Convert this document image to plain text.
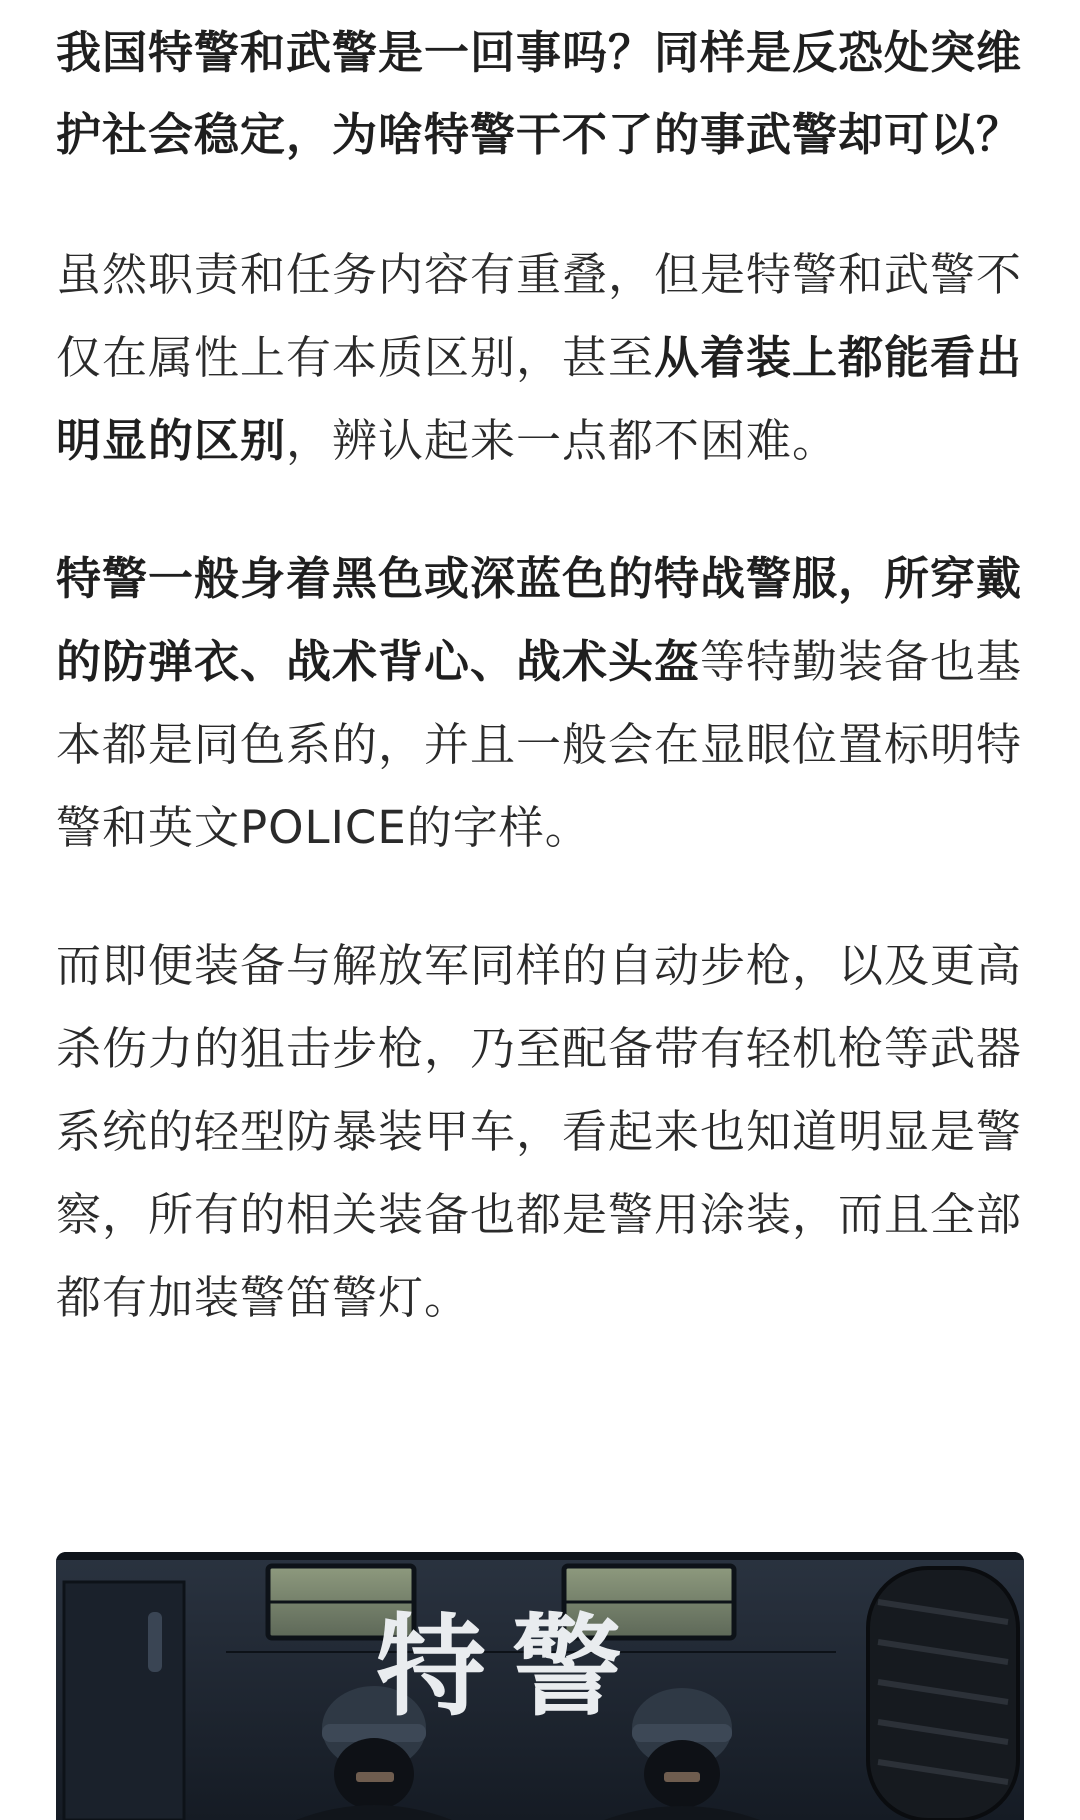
我国特警和武警是一回事吗？同样是反恐处突维护社会稳定，为啥特警干不了的事武警却可以？

虽然职责和任务内容有重叠，但是特警和武警不仅在属性上有本质区别，甚至从着装上都能看出明显的区别，辨认起来一点都不困难。

特警一般身着黑色或深蓝色的特战警服，所穿戴的防弹衣、战术背心、战术头盔等特勤装备也基本都是同色系的，并且一般会在显眼位置标明特警和英文POLICE的字样。

而即便装备与解放军同样的自动步枪，以及更高杀伤力的狙击步枪，乃至配备带有轻机枪等武器系统的轻型防暴装甲车，看起来也知道明显是警察，所有的相关装备也都是警用涂装，而且全部都有加装警笛警灯。

特警
